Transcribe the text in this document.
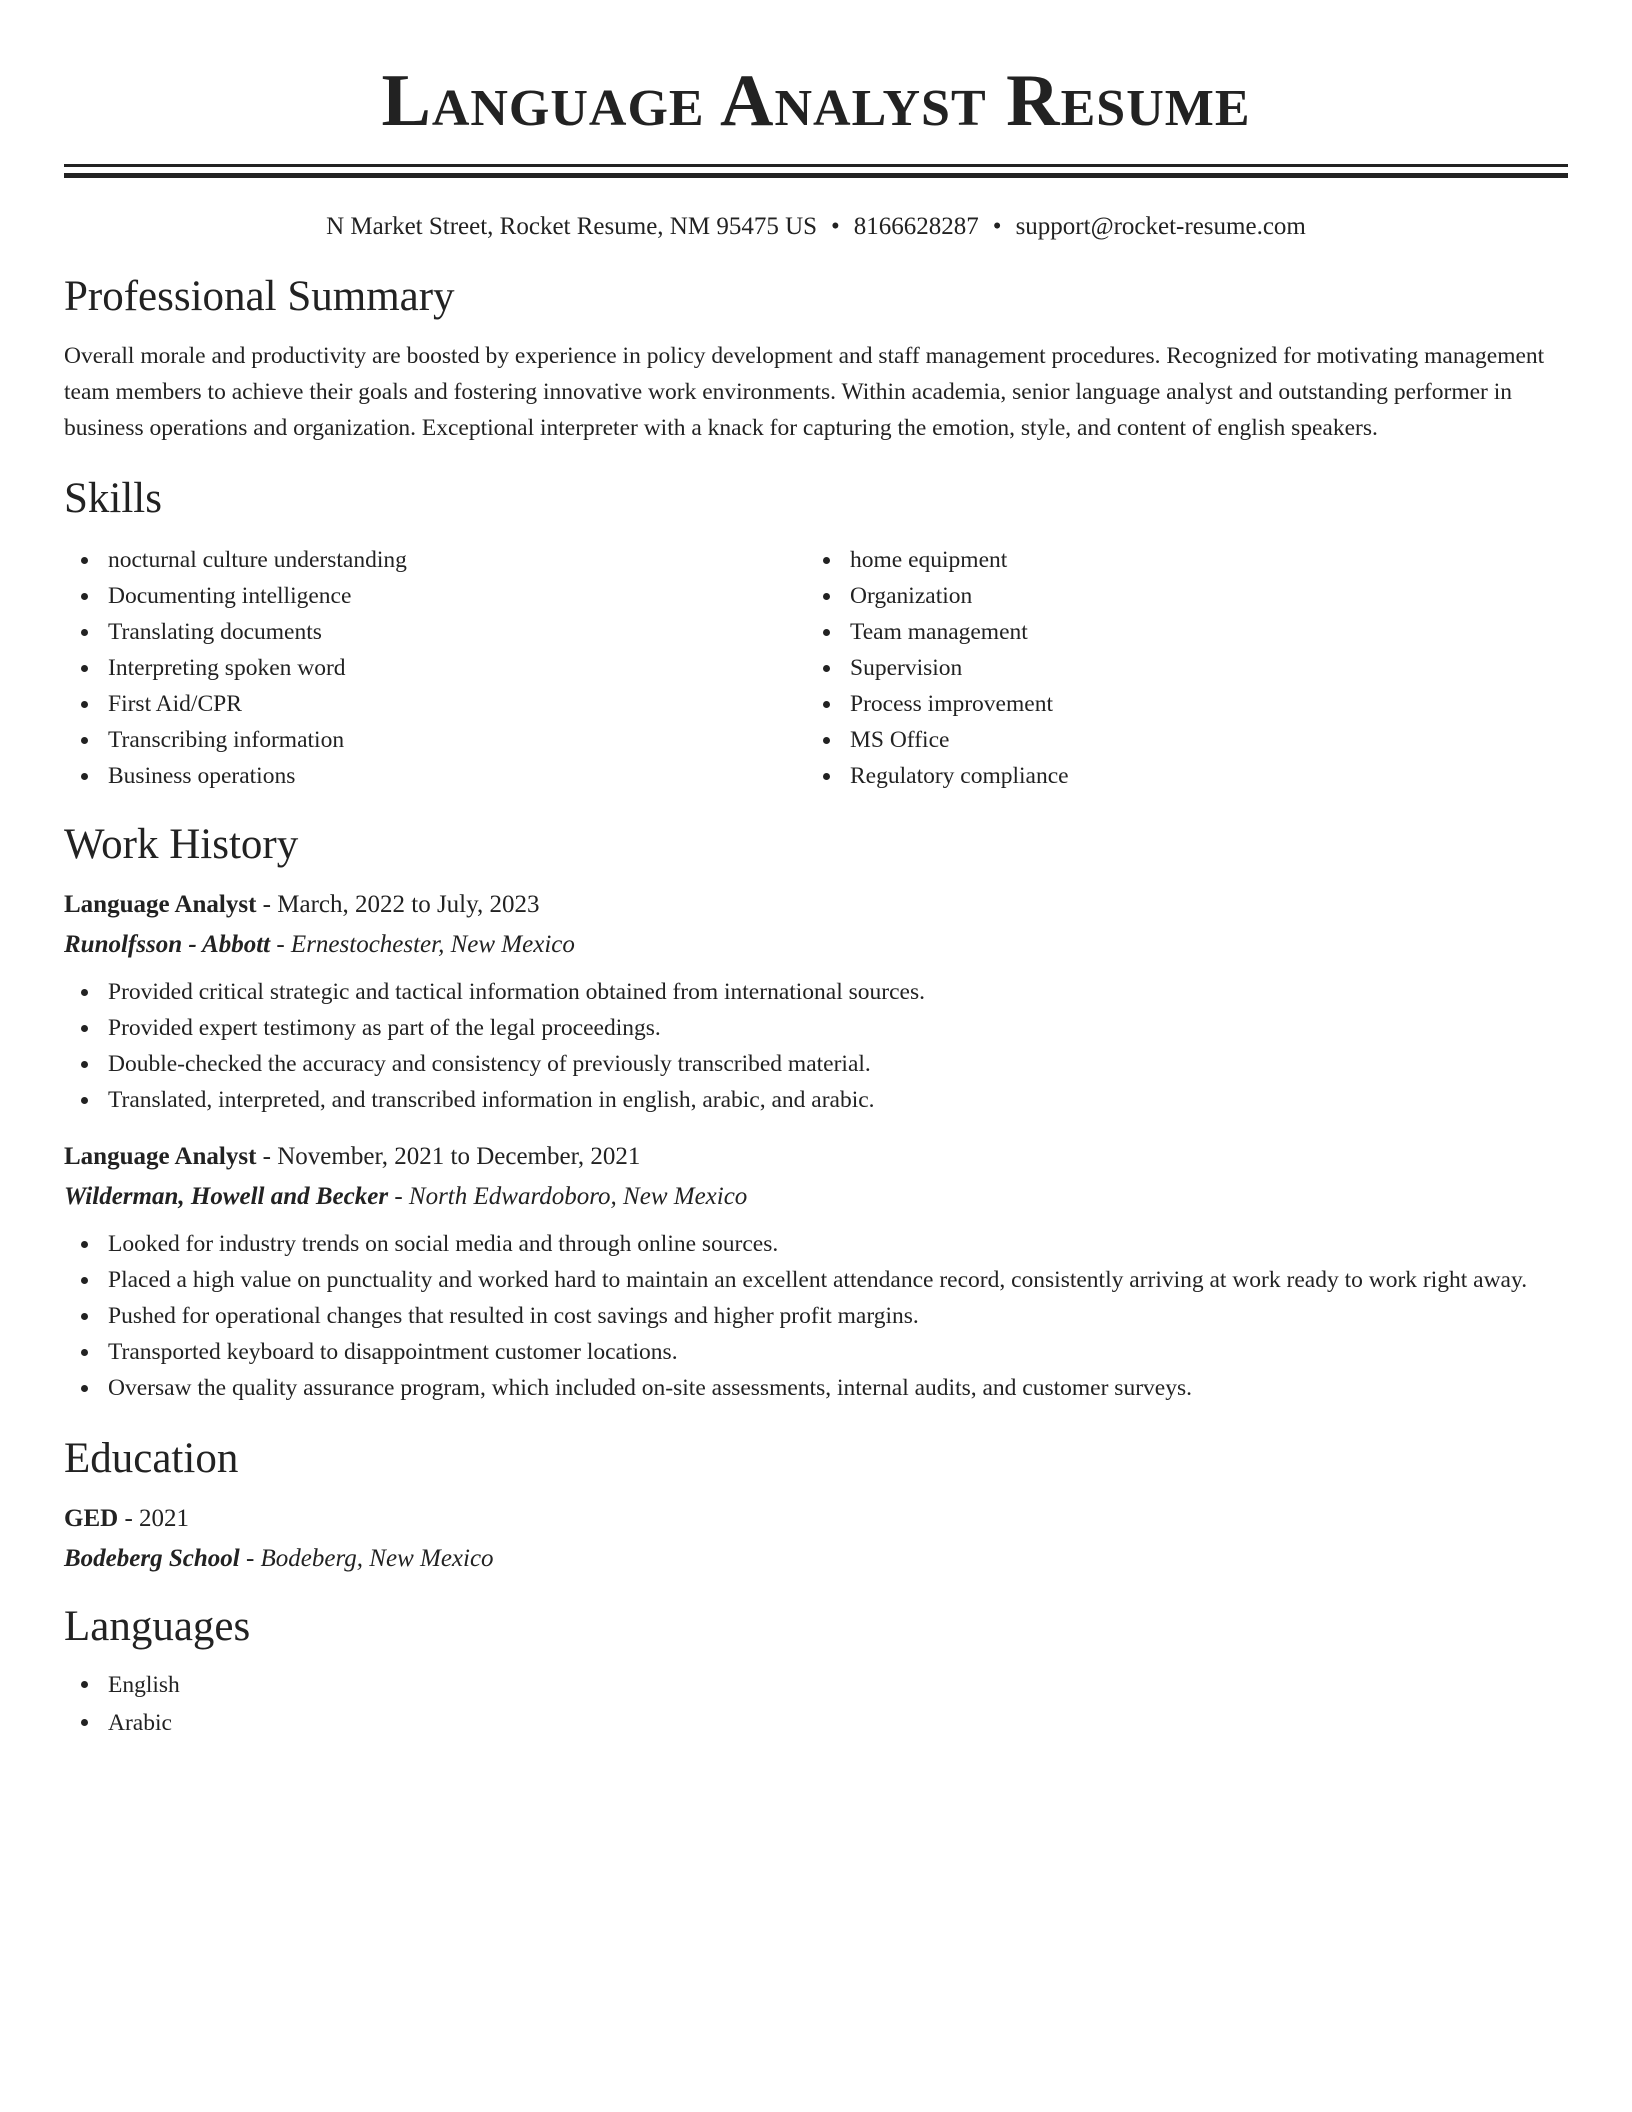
Language Analyst Resume
N Market Street, Rocket Resume, NM 95475 US • 8166628287 • support@rocket-resume.com
Professional Summary

Overall morale and productivity are boosted by experience in policy development and staff management procedures. Recognized for motivating management team members to achieve their goals and fostering innovative work environments. Within academia, senior language analyst and outstanding performer in business operations and organization. Exceptional interpreter with a knack for capturing the emotion, style, and content of english speakers.

Skills
nocturnal culture understanding
Documenting intelligence
Translating documents
Interpreting spoken word
First Aid/CPR
Transcribing information
Business operations
home equipment
Organization
Team management
Supervision
Process improvement
MS Office
Regulatory compliance
Work History
Language Analyst - March, 2022 to July, 2023
Runolfsson - Abbott - Ernestochester, New Mexico
Provided critical strategic and tactical information obtained from international sources.
Provided expert testimony as part of the legal proceedings.
Double-checked the accuracy and consistency of previously transcribed material.
Translated, interpreted, and transcribed information in english, arabic, and arabic.
Language Analyst - November, 2021 to December, 2021
Wilderman, Howell and Becker - North Edwardoboro, New Mexico
Looked for industry trends on social media and through online sources.
Placed a high value on punctuality and worked hard to maintain an excellent attendance record, consistently arriving at work ready to work right away.
Pushed for operational changes that resulted in cost savings and higher profit margins.
Transported keyboard to disappointment customer locations.
Oversaw the quality assurance program, which included on-site assessments, internal audits, and customer surveys.
Education
GED - 2021
Bodeberg School - Bodeberg, New Mexico
Languages
English
Arabic
